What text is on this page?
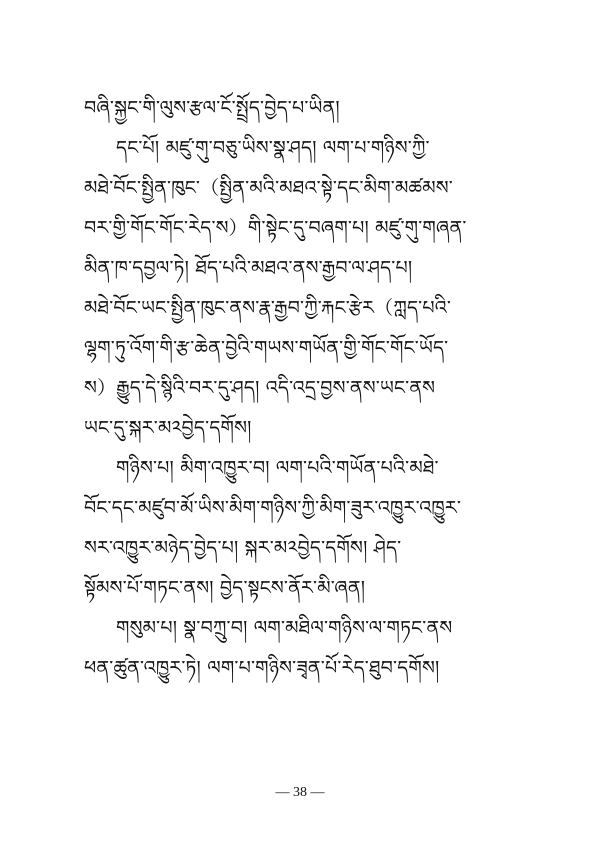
བཞི་སྐྱང་གི་ལུས་རྩལ་ངོ་སྤྲོད་བྱེད་པ་ཡིན།
དང་པོ། མཛུ་གུ་བཅུ་ཡིས་སྣ་ཤད། ལག་པ་གཉིས་ཀྱི་
མཐེ་བོང་སྤྱིན་ཁུང་（སྤྱིན་མའི་མཐའ་སྟེ་དང་མིག་མཚམས་
བར་གྱི་གོང་གོང་རེད་ས）གི་སྟེང་དུ་བཞག་པ། མཛུ་གུ་གཞན་
མིན་ཁ་དབྱལ་ཏེ། ཐོད་པའི་མཐའ་ནས་རྒྱབ་ལ་ཤད་པ།
མཐེ་བོང་ཡང་སྤྱིན་ཁུང་ནས་རྣ་རྒྱབ་ཀྱི་རྐང་རྩེར（ཀླད་པའི་
ལྷག་ཏུ་འོག་གི་རྩ་ཆེན་བྱེའི་གཡས་གཡོན་གྱི་གོང་གོང་ཡོད་
ས）རྒྱུད་དེ་སྙིའི་བར་དུ་ཤད། འདི་འདྲ་བྱས་ནས་ཡང་ནས
ཡང་དུ་སྐར་མ༢བྱེད་དགོས།
གཉིས་པ། མིག་འཁྱུར་བ། ལག་པའི་གཡོན་པའི་མཐེ་
བོང་དང་མཛུབ་མོ་ཡིས་མིག་གཉིས་ཀྱི་མིག་ཟུར་འཁྱུར་འཁྱུར་
སར་འཁྱུར་མཉེད་བྱེད་པ། སྐར་མ༢བྱེད་དགོས། ཤེད་
སྟོམས་པོ་གཏང་ནས། བྱེད་སྟངས་ནོར་མི་ཞན།
གསུམ་པ། སྣ་བཀྲུ་བ། ལག་མཐིལ་གཉིས་ལ་གཏང་ནས
ཕན་ཚུན་འཁྱུར་ཏེ། ལག་པ་གཉིས་ཟྭན་པོ་རེད་ཐུབ་དགོས།
— 38 —
